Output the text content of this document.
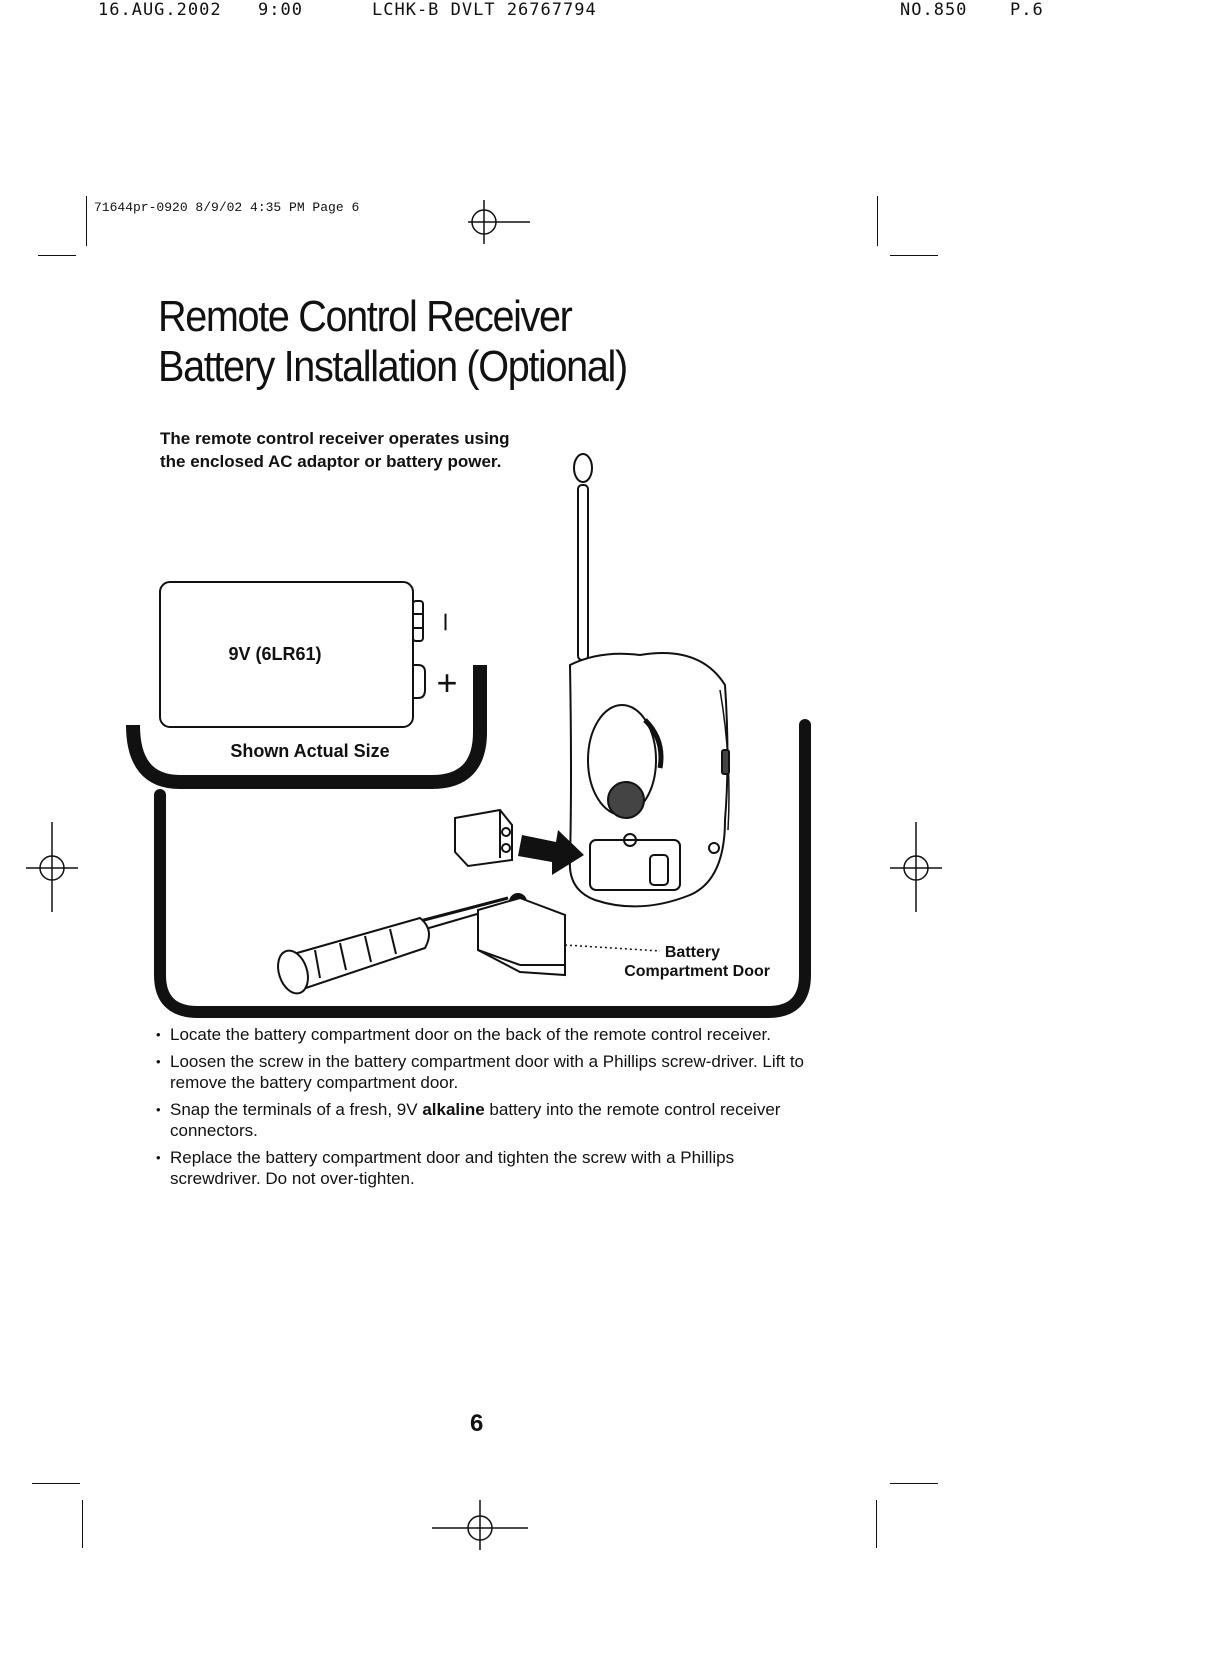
16.AUG.2002 9:00	LCHK-B DVLT 26767794	NO.850	P.6
71644pr-0920 8/9/02 4:35 PM Page 6
Remote Control Receiver
Battery Installation (Optional)
The remote control receiver operates using
the enclosed AC adaptor or battery power.
9V (6LR61)
–
+
Shown Actual Size
Battery
Compartment Door
• Locate the battery compartment door on the back of the remote control receiver.
• Loosen the screw in the battery compartment door with a Phillips screw-driver. Lift to remove the battery compartment door.
• Snap the terminals of a fresh, 9V alkaline battery into the remote control receiver connectors.
• Replace the battery compartment door and tighten the screw with a Phillips screwdriver. Do not over-tighten.
6
